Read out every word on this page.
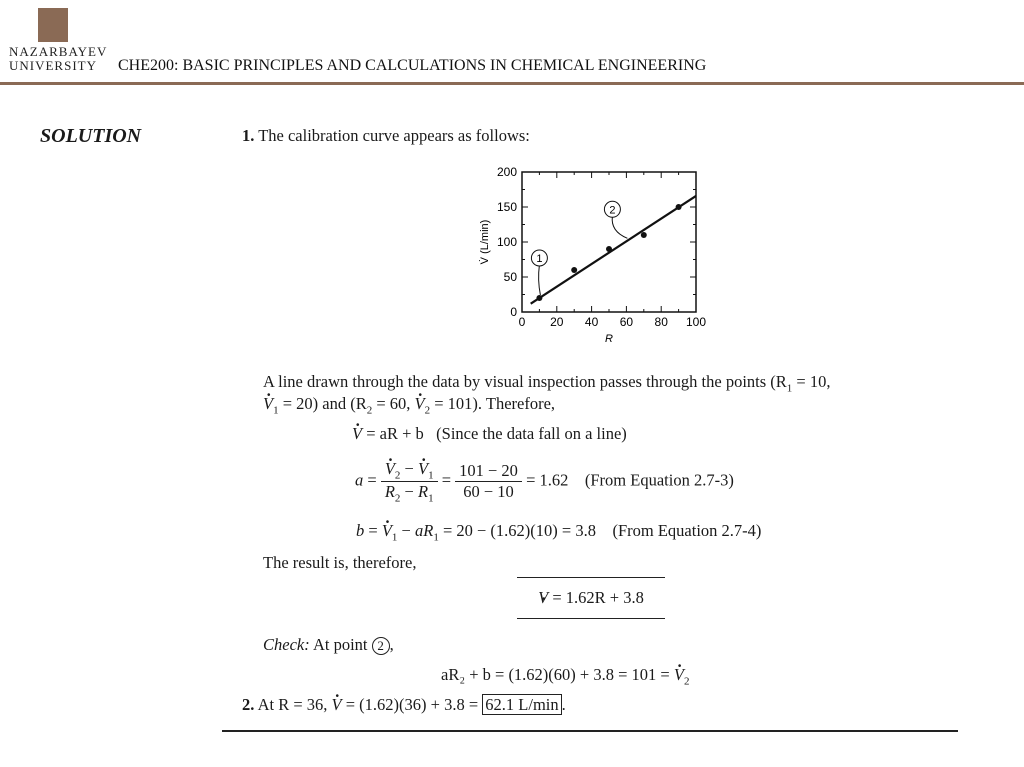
NAZARBAYEV
UNIVERSITY CHE200: BASIC PRINCIPLES AND CALCULATIONS IN CHEMICAL ENGINEERING
SOLUTION	1. The calibration curve appears as follows:
0 20 40 60 80 100
0
50
100
150
200
R
V̇ (L/min)	1
2
A line drawn through the data by visual inspection passes through the points ($R_1 = 10$,
· $V_1 = 20$) and ($R_2 = 60$, · $V_2 = 101$). Therefore,
· V = aR + b (Since the data fall on a line)
a =
· $\frac{V_2 - \cdot V_1}{R_2 - R_1} = \frac{101 - 20}{60 - 10} = 1.62$ (From Equation 2.7-3)
b = · $V_1 - aR_1 = 20 - (1.62)(10) = 3.8$ (From Equation 2.7-4)
The result is, therefore,
· V = 1.62R + 3.8
Check: At point 2 ,
aR₂ + b = (1.62)(60) + 3.8 = 101 = · $V_2$
2. At R = 36, · V = (1.62)(36) + 3.8 = 62.1 L/min .
